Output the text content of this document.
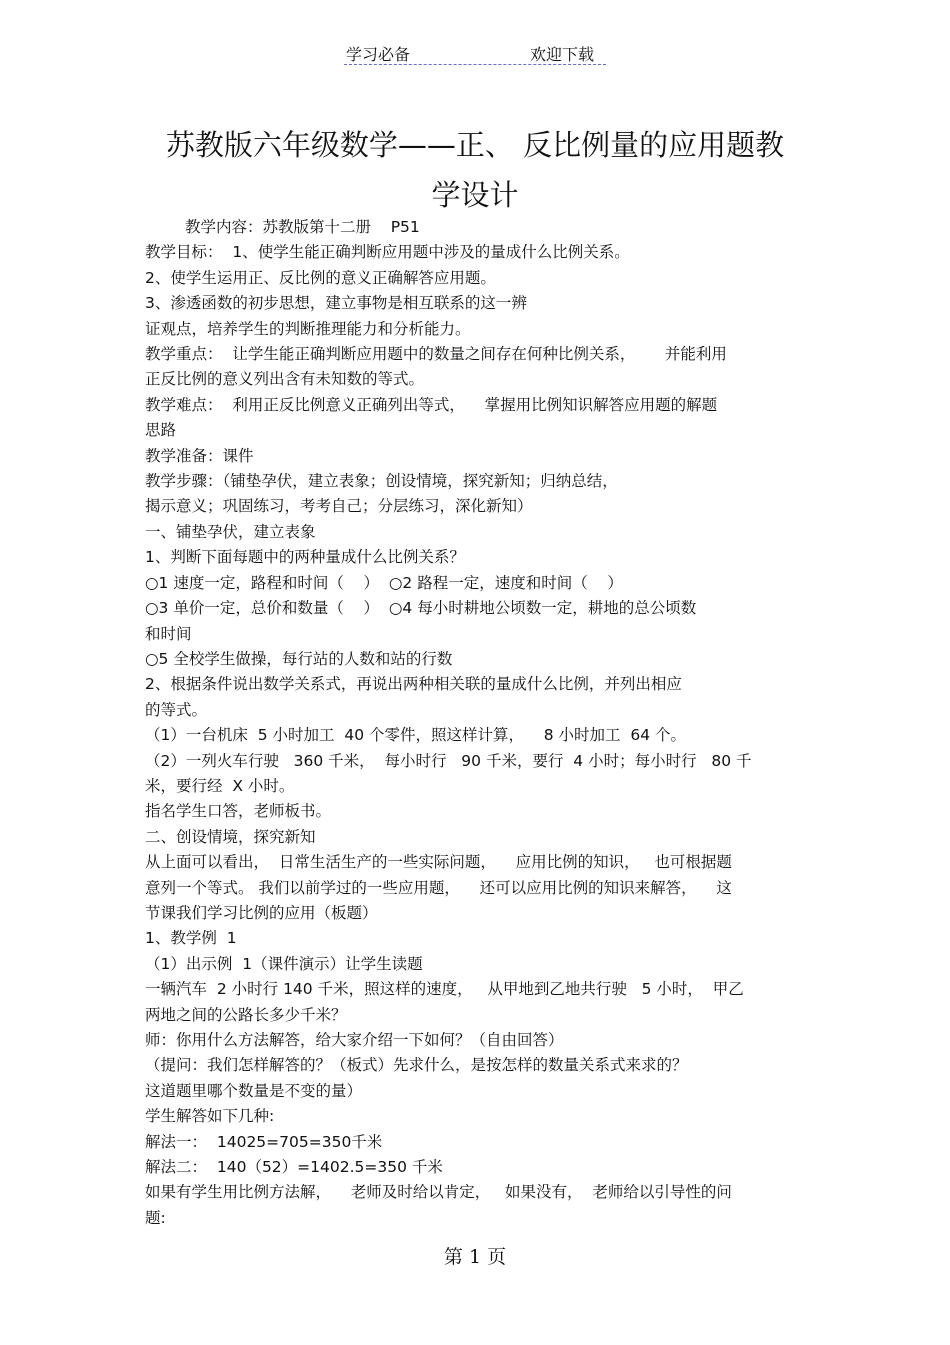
学习必备	欢迎下载
苏教版六年级数学——正、 反比例量的应用题教
学设计
教学内容：苏教版第十二册    P51
教学目标：  1、使学生能正确判断应用题中涉及的量成什么比例关系。
2、使学生运用正、反比例的意义正确解答应用题。
3、渗透函数的初步思想，建立事物是相互联系的这一辨
证观点，培养学生的判断推理能力和分析能力。
教学重点：  让学生能正确判断应用题中的数量之间存在何种比例关系，      并能利用
正反比例的意义列出含有未知数的等式。
教学难点：  利用正反比例意义正确列出等式，    掌握用比例知识解答应用题的解题
思路
教学准备：课件
教学步骤：（铺垫孕伏，建立表象；创设情境，探究新知；归纳总结，
揭示意义；巩固练习，考考自己；分层练习，深化新知）
一、铺垫孕伏，建立表象
1、判断下面每题中的两种量成什么比例关系？
○1 速度一定，路程和时间（    ）  ○2 路程一定，速度和时间（    ）
○3 单价一定，总价和数量（    ）  ○4 每小时耕地公顷数一定，耕地的总公顷数
和时间
○5 全校学生做操，每行站的人数和站的行数
2、根据条件说出数学关系式，再说出两种相关联的量成什么比例，并列出相应
的等式。
（1）一台机床  5 小时加工  40 个零件，照这样计算，    8 小时加工  64 个。
（2）一列火车行驶   360 千米，  每小时行   90 千米，要行  4 小时；每小时行   80 千
米，要行经  X 小时。
指名学生口答，老师板书。
二、创设情境，探究新知
从上面可以看出，  日常生活生产的一些实际问题，    应用比例的知识，   也可根据题
意列一个等式。 我们以前学过的一些应用题，    还可以应用比例的知识来解答，    这
节课我们学习比例的应用（板题）
1、教学例  1
（1）出示例  1（课件演示）让学生读题
一辆汽车  2 小时行 140 千米，照这样的速度，   从甲地到乙地共行驶   5 小时，  甲乙
两地之间的公路长多少千米？
师：你用什么方法解答，给大家介绍一下如何？（自由回答）
（提问：我们怎样解答的？（板式）先求什么，是按怎样的数量关系式来求的？
这道题里哪个数量是不变的量）
学生解答如下几种:
解法一：  14025=705=350千米
解法二：  140（52）=1402.5=350 千米
如果有学生用比例方法解，    老师及时给以肯定，   如果没有，  老师给以引导性的问
题:
第 1 页
